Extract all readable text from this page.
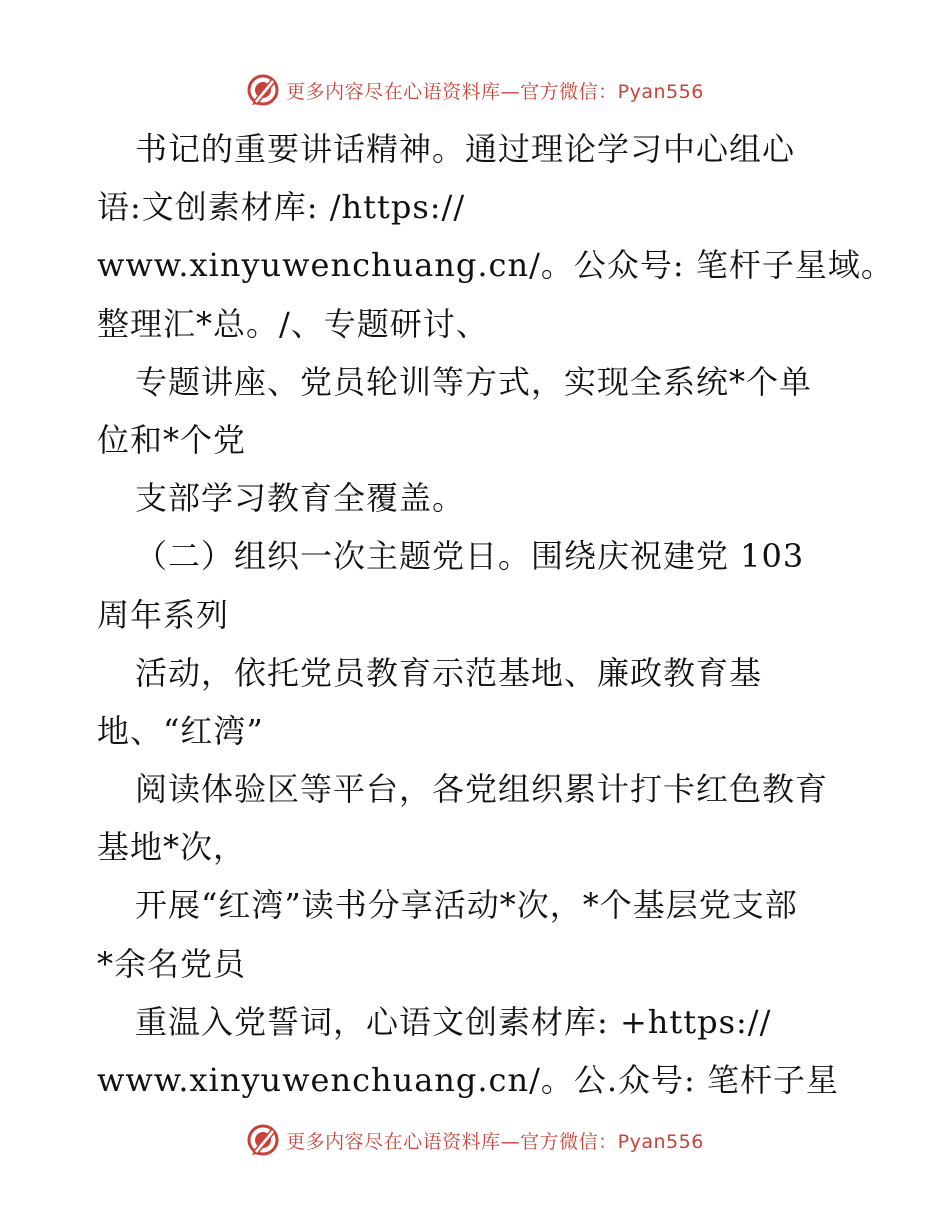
更多内容尽在心语资料库—官方微信：Pyan556
书记的重要讲话精神。通过理论学习中心组心
语:文创素材库: /https://
www.xinyuwenchuang.cn/。公众号: 笔杆子星域。
整理汇*总。/、专题研讨、
专题讲座、党员轮训等方式，实现全系统*个单
位和*个党
支部学习教育全覆盖。
（二）组织一次主题党日。围绕庆祝建党 103
周年系列
活动，依托党员教育示范基地、廉政教育基
地、“红湾”
阅读体验区等平台，各党组织累计打卡红色教育
基地*次，
开展“红湾”读书分享活动*次，*个基层党支部
*余名党员
重温入党誓词，心语文创素材库: +https://
www.xinyuwenchuang.cn/。公.众号: 笔杆子星
更多内容尽在心语资料库—官方微信：Pyan556
